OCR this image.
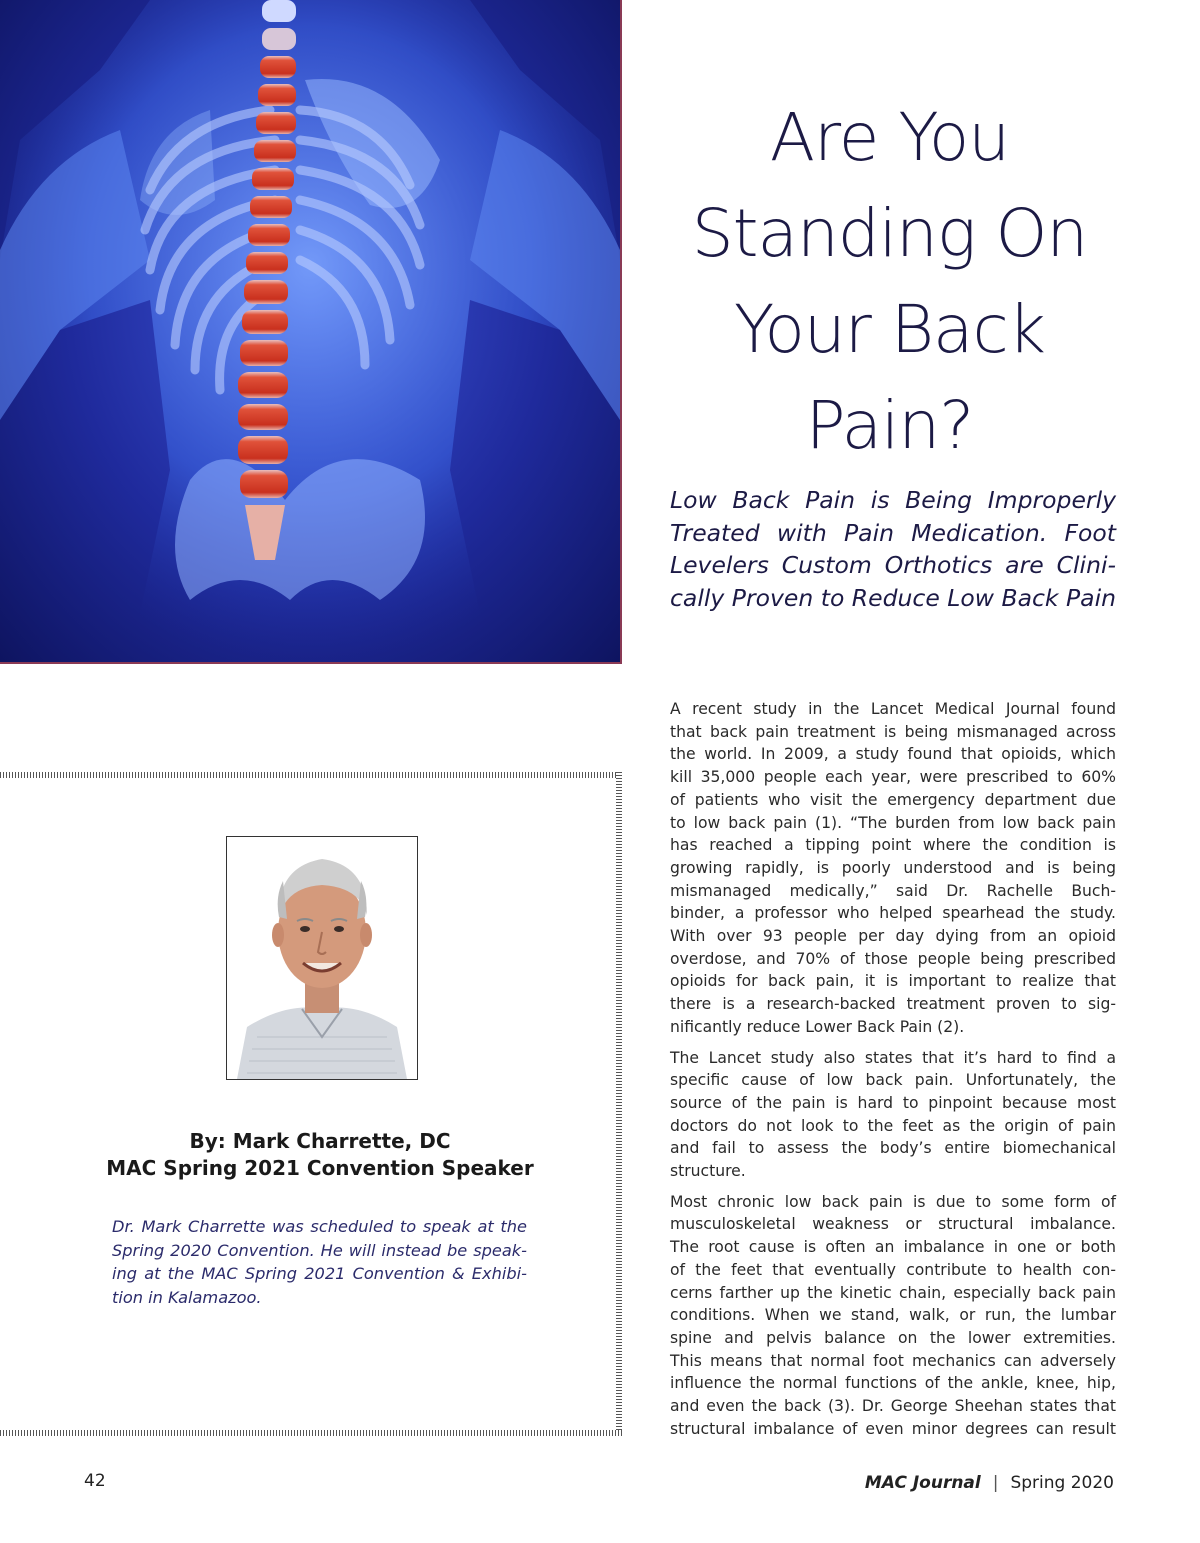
Are You
Standing On
Your Back
Pain?

Low Back Pain is Being Improperly
Treated with Pain Medication. Foot
Levelers Custom Orthotics are Clini-
cally Proven to Reduce Low Back Pain

A recent study in the Lancet Medical Journal found
that back pain treatment is being mismanaged across
the world. In 2009, a study found that opioids, which
kill 35,000 people each year, were prescribed to 60%
of patients who visit the emergency department due
to low back pain (1). “The burden from low back pain
has reached a tipping point where the condition is
growing rapidly, is poorly understood and is being
mismanaged medically,” said Dr. Rachelle Buch-
binder, a professor who helped spearhead the study.
With over 93 people per day dying from an opioid
overdose, and 70% of those people being prescribed
opioids for back pain, it is important to realize that
there is a research-backed treatment proven to sig-
nificantly reduce Lower Back Pain (2).

The Lancet study also states that it’s hard to find a
specific cause of low back pain. Unfortunately, the
source of the pain is hard to pinpoint because most
doctors do not look to the feet as the origin of pain
and fail to assess the body’s entire biomechanical
structure.

Most chronic low back pain is due to some form of
musculoskeletal weakness or structural imbalance.
The root cause is often an imbalance in one or both
of the feet that eventually contribute to health con-
cerns farther up the kinetic chain, especially back pain
conditions. When we stand, walk, or run, the lumbar
spine and pelvis balance on the lower extremities.
This means that normal foot mechanics can adversely
influence the normal functions of the ankle, knee, hip,
and even the back (3). Dr. George Sheehan states that
structural imbalance of even minor degrees can result

By: Mark Charrette, DC
MAC Spring 2021 Convention Speaker
Dr. Mark Charrette was scheduled to speak at the
Spring 2020 Convention. He will instead be speak-
ing at the MAC Spring 2021 Convention & Exhibi-
tion in Kalamazoo.
42	MAC Journal | Spring 2020
